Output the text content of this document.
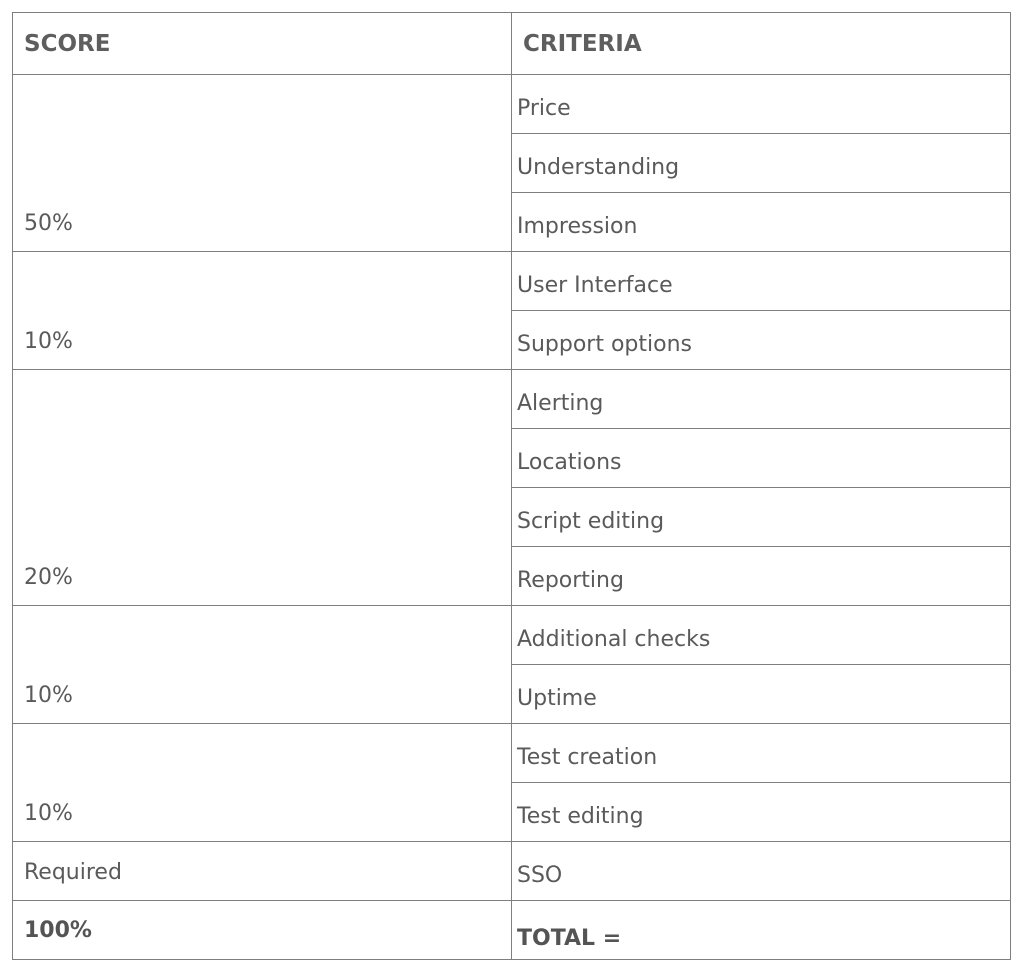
SCORE	CRITERIA
50%	Price
	Understanding
	Impression
10%	User Interface
	Support options
20%	Alerting
	Locations
	Script editing
	Reporting
10%	Additional checks
	Uptime
10%	Test creation
	Test editing
Required	SSO
100%	TOTAL =
